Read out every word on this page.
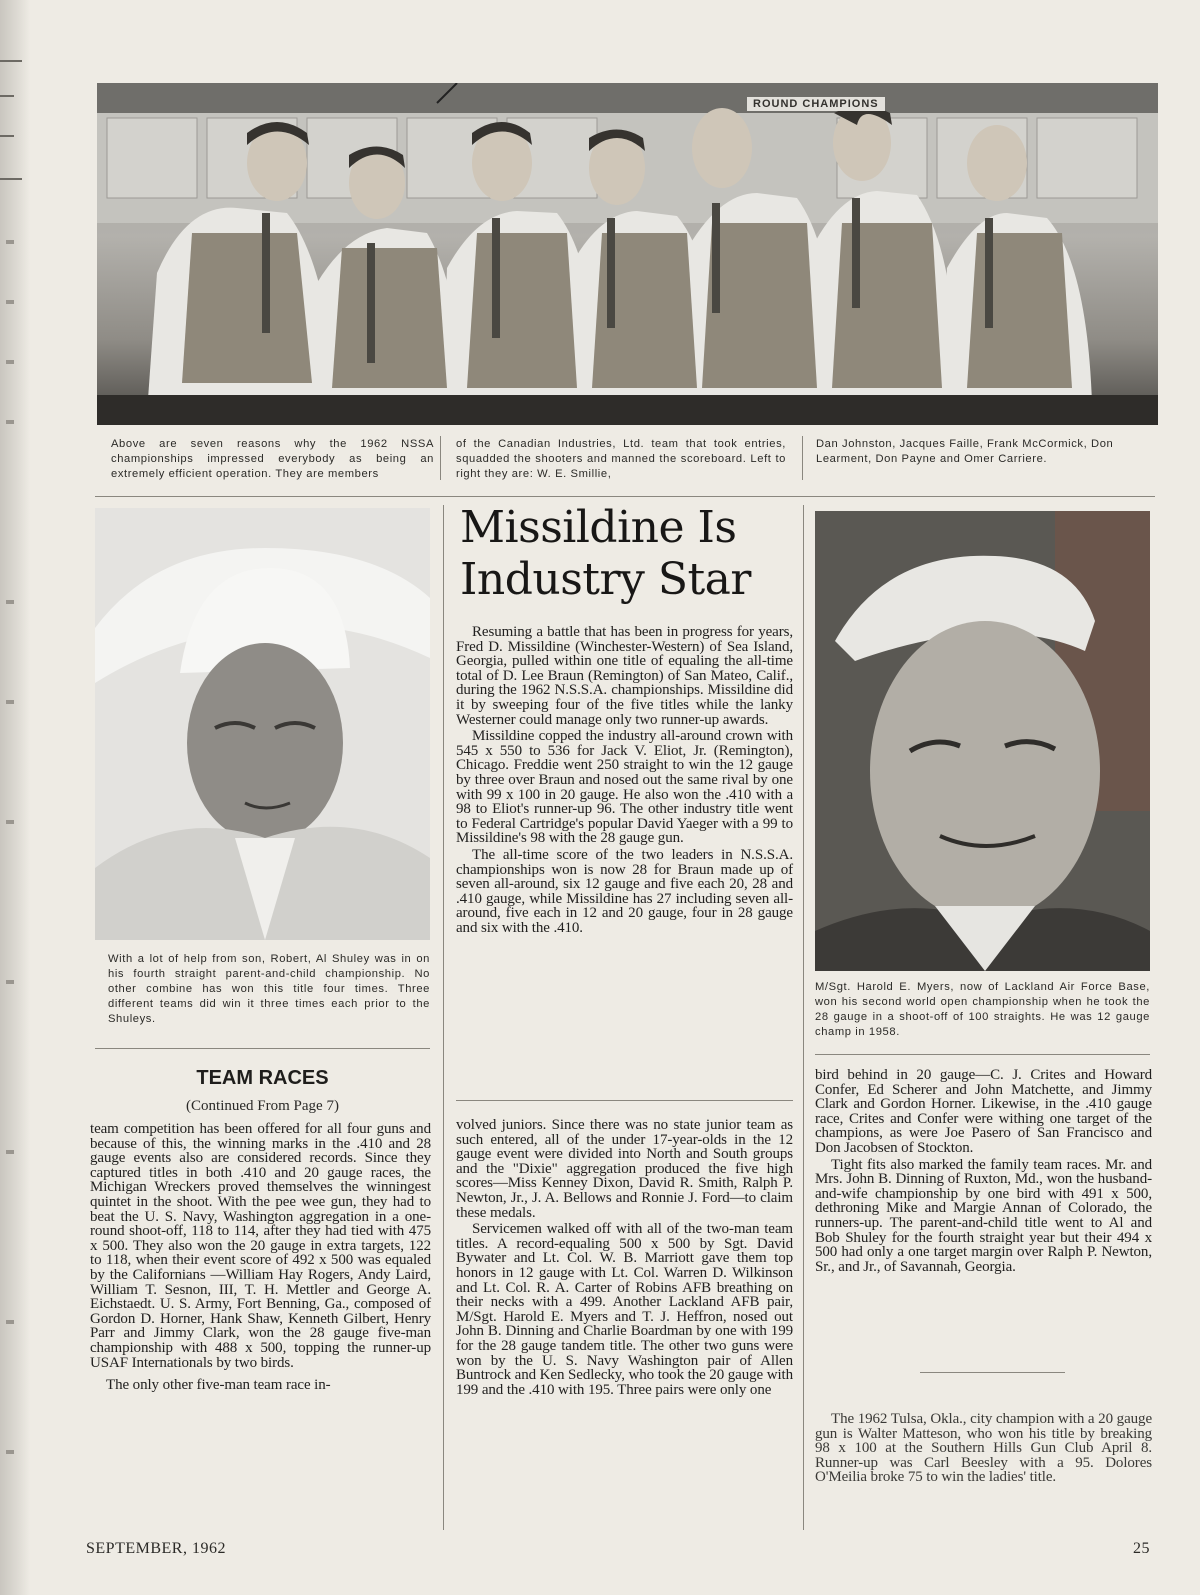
ROUND CHAMPIONS
Above are seven reasons why the 1962 NSSA championships impressed everybody as being an extremely efficient operation. They are members
of the Canadian Industries, Ltd. team that took entries, squadded the shooters and manned the scoreboard. Left to right they are: W. E. Smillie,
Dan Johnston, Jacques Faille, Frank McCormick, Don Learment, Don Payne and Omer Carriere.
With a lot of help from son, Robert, Al Shuley was in on his fourth straight parent-and-child championship. No other combine has won this title four times. Three different teams did win it three times each prior to the Shuleys.
TEAM RACES
(Continued From Page 7)

team competition has been offered for all four guns and because of this, the winning marks in the .410 and 28 gauge events also are considered records. Since they captured titles in both .410 and 20 gauge races, the Michigan Wreckers proved themselves the winningest quintet in the shoot. With the pee wee gun, they had to beat the U. S. Navy, Washington aggregation in a one-round shoot-off, 118 to 114, after they had tied with 475 x 500. They also won the 20 gauge in extra targets, 122 to 118, when their event score of 492 x 500 was equaled by the Californians —William Hay Rogers, Andy Laird, William T. Sesnon, III, T. H. Mettler and George A. Eichstaedt. U. S. Army, Fort Benning, Ga., composed of Gordon D. Horner, Hank Shaw, Kenneth Gilbert, Henry Parr and Jimmy Clark, won the 28 gauge five-man championship with 488 x 500, topping the runner-up USAF Internationals by two birds.

The only other five-man team race in-

Missildine Is Industry Star

Resuming a battle that has been in progress for years, Fred D. Missildine (Winchester-Western) of Sea Island, Georgia, pulled within one title of equaling the all-time total of D. Lee Braun (Remington) of San Mateo, Calif., during the 1962 N.S.S.A. championships. Missildine did it by sweeping four of the five titles while the lanky Westerner could manage only two runner-up awards.

Missildine copped the industry all-around crown with 545 x 550 to 536 for Jack V. Eliot, Jr. (Remington), Chicago. Freddie went 250 straight to win the 12 gauge by three over Braun and nosed out the same rival by one with 99 x 100 in 20 gauge. He also won the .410 with a 98 to Eliot's runner-up 96. The other industry title went to Federal Cartridge's popular David Yaeger with a 99 to Missildine's 98 with the 28 gauge gun.

The all-time score of the two leaders in N.S.S.A. championships won is now 28 for Braun made up of seven all-around, six 12 gauge and five each 20, 28 and .410 gauge, while Missildine has 27 including seven all-around, five each in 12 and 20 gauge, four in 28 gauge and six with the .410.

volved juniors. Since there was no state junior team as such entered, all of the under 17-year-olds in the 12 gauge event were divided into North and South groups and the "Dixie" aggregation produced the five high scores—Miss Kenney Dixon, David R. Smith, Ralph P. Newton, Jr., J. A. Bellows and Ronnie J. Ford—to claim these medals.

Servicemen walked off with all of the two-man team titles. A record-equaling 500 x 500 by Sgt. David Bywater and Lt. Col. W. B. Marriott gave them top honors in 12 gauge with Lt. Col. Warren D. Wilkinson and Lt. Col. R. A. Carter of Robins AFB breathing on their necks with a 499. Another Lackland AFB pair, M/Sgt. Harold E. Myers and T. J. Heffron, nosed out John B. Dinning and Charlie Boardman by one with 199 for the 28 gauge tandem title. The other two guns were won by the U. S. Navy Washington pair of Allen Buntrock and Ken Sedlecky, who took the 20 gauge with 199 and the .410 with 195. Three pairs were only one

M/Sgt. Harold E. Myers, now of Lackland Air Force Base, won his second world open championship when he took the 28 gauge in a shoot-off of 100 straights. He was 12 gauge champ in 1958.

bird behind in 20 gauge—C. J. Crites and Howard Confer, Ed Scherer and John Matchette, and Jimmy Clark and Gordon Horner. Likewise, in the .410 gauge race, Crites and Confer were withing one target of the champions, as were Joe Pasero of San Francisco and Don Jacobsen of Stockton.

Tight fits also marked the family team races. Mr. and Mrs. John B. Dinning of Ruxton, Md., won the husband-and-wife championship by one bird with 491 x 500, dethroning Mike and Margie Annan of Colorado, the runners-up. The parent-and-child title went to Al and Bob Shuley for the fourth straight year but their 494 x 500 had only a one target margin over Ralph P. Newton, Sr., and Jr., of Savannah, Georgia.

The 1962 Tulsa, Okla., city champion with a 20 gauge gun is Walter Matteson, who won his title by breaking 98 x 100 at the Southern Hills Gun Club April 8. Runner-up was Carl Beesley with a 95. Dolores O'Meilia broke 75 to win the ladies' title.

SEPTEMBER, 1962	25
